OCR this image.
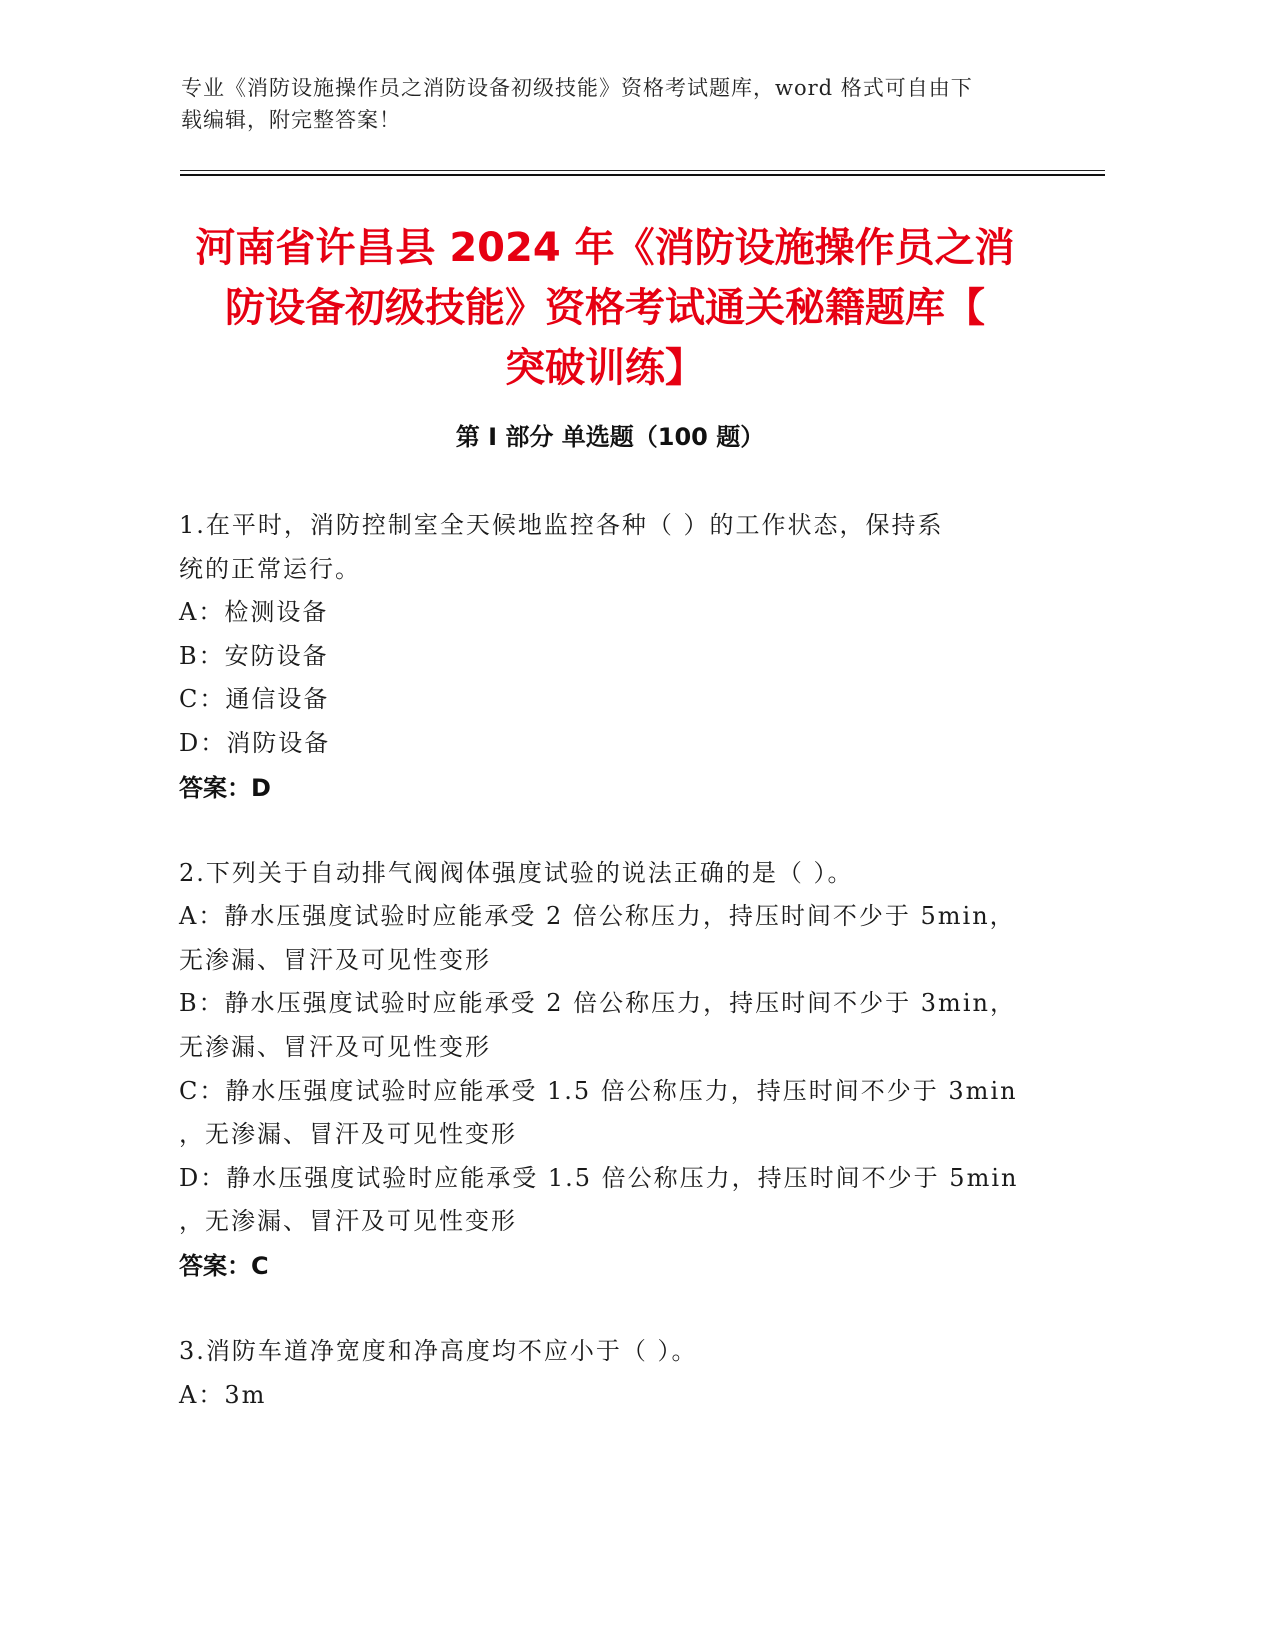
专业《消防设施操作员之消防设备初级技能》资格考试题库，word 格式可自由下
载编辑，附完整答案！
河南省许昌县 2024 年《消防设施操作员之消
防设备初级技能》资格考试通关秘籍题库【
突破训练】
第 I 部分 单选题（100 题）
1.在平时，消防控制室全天候地监控各种（ ）的工作状态，保持系
统的正常运行。
A：检测设备
B：安防设备
C：通信设备
D：消防设备
答案：D
2.下列关于自动排气阀阀体强度试验的说法正确的是（ ）。
A：静水压强度试验时应能承受 2 倍公称压力，持压时间不少于 5min，
无渗漏、冒汗及可见性变形
B：静水压强度试验时应能承受 2 倍公称压力，持压时间不少于 3min，
无渗漏、冒汗及可见性变形
C：静水压强度试验时应能承受 1.5 倍公称压力，持压时间不少于 3min
，无渗漏、冒汗及可见性变形
D：静水压强度试验时应能承受 1.5 倍公称压力，持压时间不少于 5min
，无渗漏、冒汗及可见性变形
答案：C
3.消防车道净宽度和净高度均不应小于（ ）。
A：3m
